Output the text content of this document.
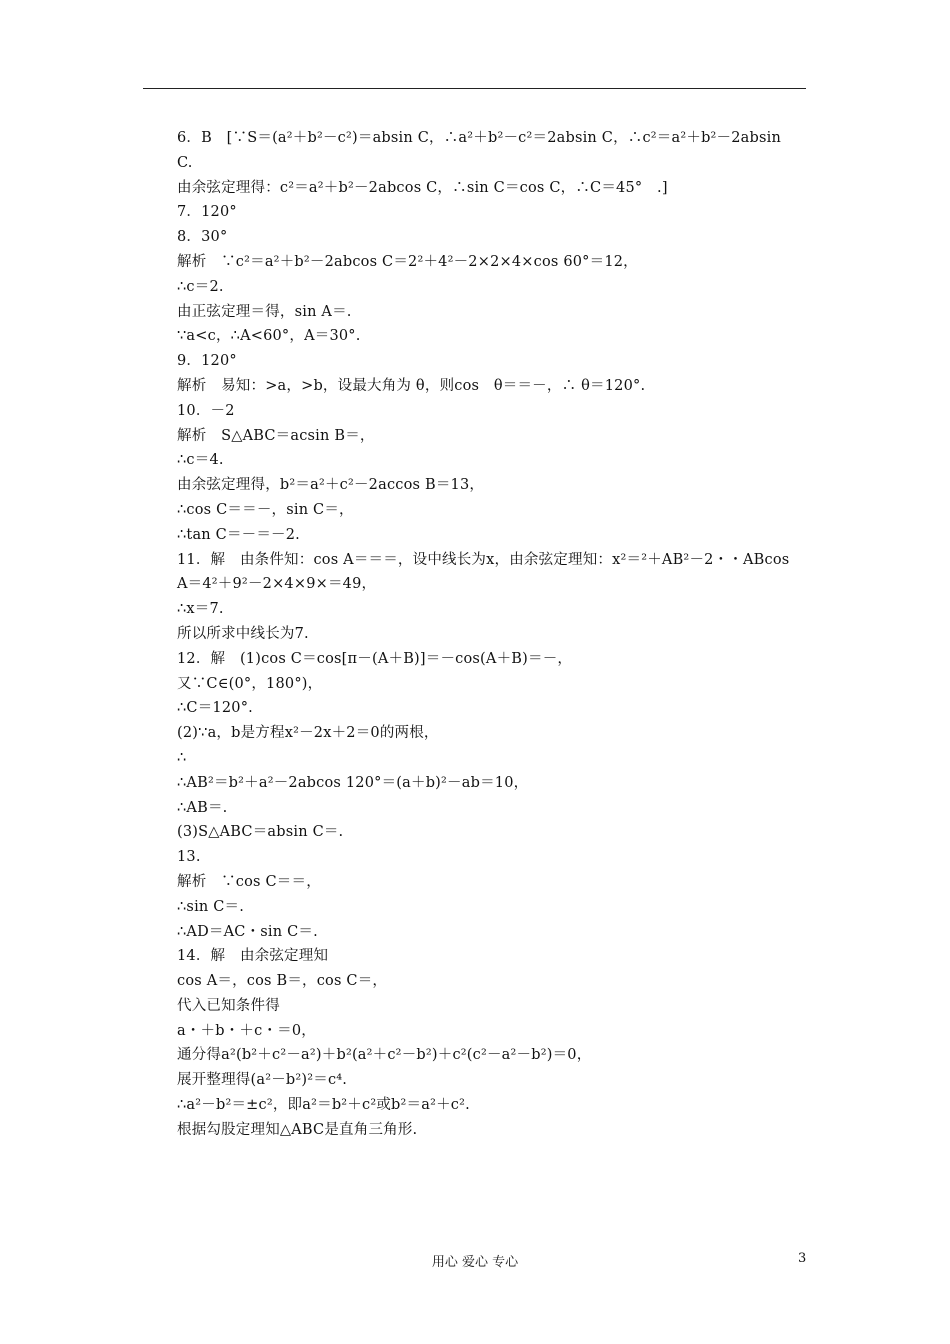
6．B　[∵S＝(a²＋b²－c²)＝absin C，∴a²＋b²－c²＝2absin C，∴c²＝a²＋b²－2absin
C.
由余弦定理得：c²＝a²＋b²－2abcos C，∴sin C＝cos C，∴C＝45°　.]
7．120°
8．30°
解析　∵c²＝a²＋b²－2abcos C＝2²＋4²－2×2×4×cos 60°＝12，
∴c＝2.
由正弦定理＝得，sin A＝.
∵a<c，∴A<60°，A＝30°.
9．120°
解析　易知：>a，>b，设最大角为 θ，则cos　θ＝＝－，∴ θ＝120°.
10．－2
解析　S△ABC＝acsin B＝，
∴c＝4.
由余弦定理得，b²＝a²＋c²－2accos B＝13，
∴cos C＝＝－，sin C＝，
∴tan C＝－＝－2.
11．解　由条件知：cos A＝＝＝，设中线长为x，由余弦定理知：x²＝²＋AB²－2・・ABcos
A＝4²＋9²－2×4×9×＝49，
∴x＝7.
所以所求中线长为7.
12．解　(1)cos C＝cos[π－(A＋B)]＝－cos(A＋B)＝－，
又∵C∈(0°，180°)，
∴C＝120°.
(2)∵a，b是方程x²－2x＋2＝0的两根，
∴
∴AB²＝b²＋a²－2abcos 120°＝(a＋b)²－ab＝10，
∴AB＝.
(3)S△ABC＝absin C＝.
13.
解析　∵cos C＝＝，
∴sin C＝.
∴AD＝AC・sin C＝.
14．解　由余弦定理知
cos A＝，cos B＝，cos C＝，
代入已知条件得
a・＋b・＋c・＝0，
通分得a²(b²＋c²－a²)＋b²(a²＋c²－b²)＋c²(c²－a²－b²)＝0，
展开整理得(a²－b²)²＝c⁴.
∴a²－b²＝±c²，即a²＝b²＋c²或b²＝a²＋c².
根据勾股定理知△ABC是直角三角形.
用心 爱心 专心	3
